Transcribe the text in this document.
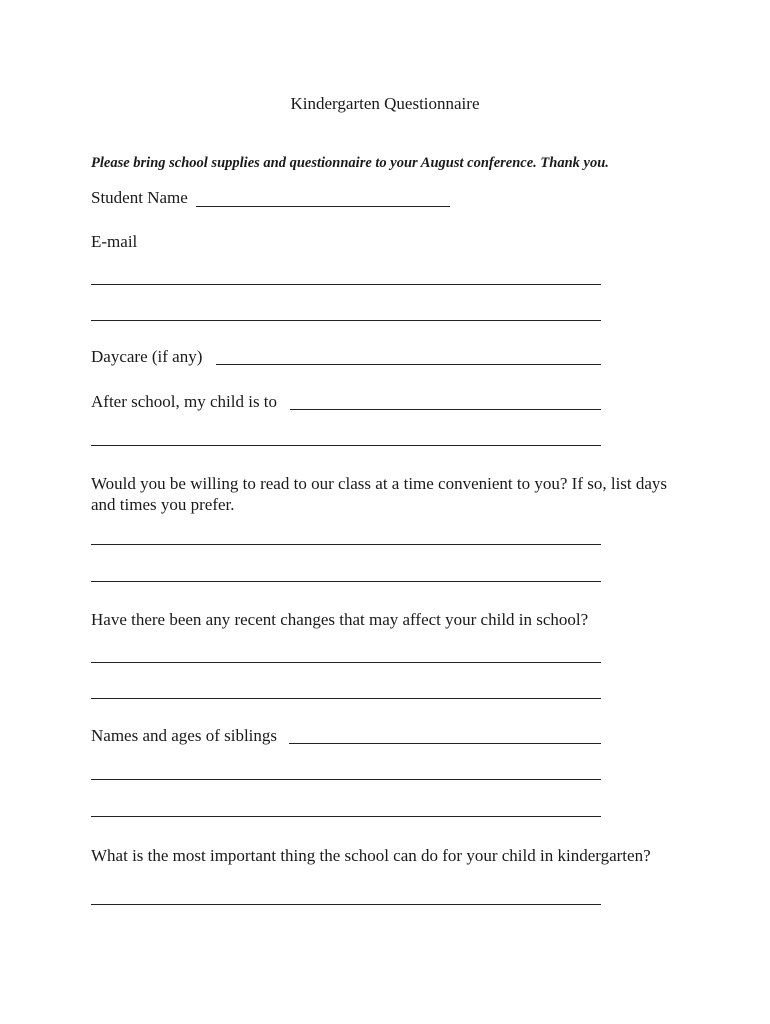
Kindergarten Questionnaire
Please bring school supplies and questionnaire to your August conference. Thank you.
Student Name
E-mail
Daycare (if any)
After school, my child is to
Would you be willing to read to our class at a time convenient to you? If so, list days and times you prefer.
Have there been any recent changes that may affect your child in school?
Names and ages of siblings
What is the most important thing the school can do for your child in kindergarten?
